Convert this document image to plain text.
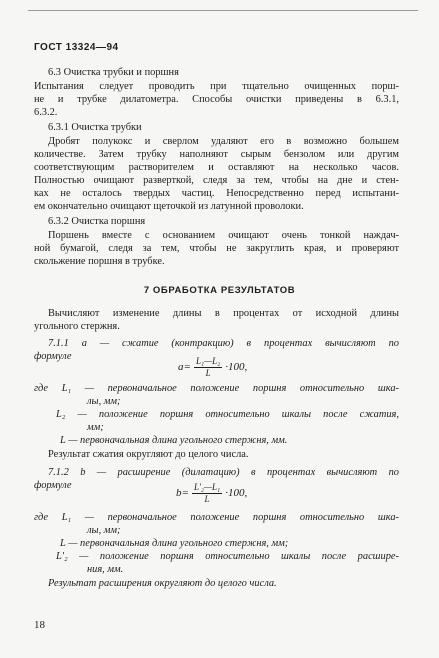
ГОСТ 13324—94
6.3 Очистка трубки и поршня
Испытания следует проводить при тщательно очищенных порш-
не и трубке дилатометра. Способы очистки приведены в 6.3.1,
6.3.2.
6.3.1 Очистка трубки
Дробят полукокс и сверлом удаляют его в возможно большем
количестве. Затем трубку наполняют сырым бензолом или другим
соответствующим растворителем и оставляют на несколько часов.
Полностью очищают разверткой, следя за тем, чтобы на дне и стен-
ках не осталось твердых частиц. Непосредственно перед испытани-
ем окончательно очищают щеточкой из латунной проволоки.
6.3.2 Очистка поршня
Поршень вместе с основанием очищают очень тонкой наждач-
ной бумагой, следя за тем, чтобы не закруглить края, и проверяют
скольжение поршня в трубке.
7 ОБРАБОТКА РЕЗУЛЬТАТОВ
Вычисляют изменение длины в процентах от исходной длины
угольного стержня.
7.1.1 a — сжатие (контракцию) в процентах вычисляют по
формуле
$a= \frac{\text{L₁—L₂}}{L} \cdot 100$,
где L₁ — первоначальное положение поршня относительно шка-
лы, мм;
L₂ — положение поршня относительно шкалы после сжатия,
мм;
L — первоначальная длина угольного стержня, мм.
Результат сжатия округляют до целого числа.
7.1.2 b — расширение (дилатацию) в процентах вычисляют по
формуле
$b= \frac{\text{L′₂—L₁}}{L} \cdot 100$,
где L₁ — первоначальное положение поршня относительно шка-
лы, мм;
L — первоначальная длина угольного стержня, мм;
L′₂ — положение поршня относительно шкалы после расшире-
ния, мм.
Результат расширения округляют до целого числа.
18
